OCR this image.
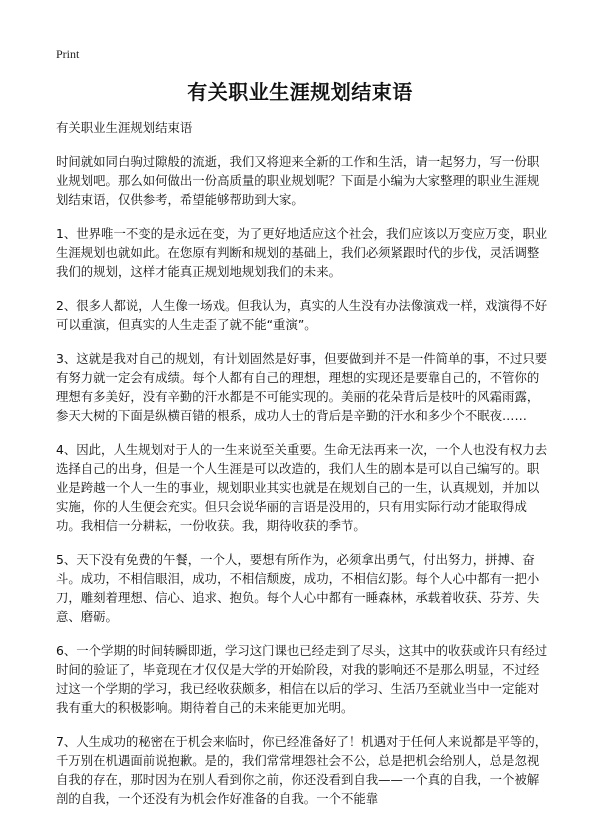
Print
有关职业生涯规划结束语

有关职业生涯规划结束语

时间就如同白驹过隙般的流逝，我们又将迎来全新的工作和生活，请一起努力，写一份职业规划吧。那么如何做出一份高质量的职业规划呢？下面是小编为大家整理的职业生涯规划结束语，仅供参考，希望能够帮助到大家。

1、世界唯一不变的是永远在变，为了更好地适应这个社会，我们应该以万变应万变，职业生涯规划也就如此。在您原有判断和规划的基础上，我们必须紧跟时代的步伐，灵活调整我们的规划，这样才能真正规划地规划我们的未来。

2、很多人都说，人生像一场戏。但我认为，真实的人生没有办法像演戏一样，戏演得不好可以重演，但真实的人生走歪了就不能“重演”。

3、这就是我对自己的规划，有计划固然是好事，但要做到并不是一件简单的事，不过只要有努力就一定会有成绩。每个人都有自己的理想，理想的实现还是要靠自己的，不管你的理想有多美好，没有辛勤的汗水都是不可能实现的。美丽的花朵背后是枝叶的风霜雨露，参天大树的下面是纵横百错的根系，成功人士的背后是辛勤的汗水和多少个不眠夜……

4、因此，人生规划对于人的一生来说至关重要。生命无法再来一次，一个人也没有权力去选择自己的出身，但是一个人生涯是可以改造的，我们人生的剧本是可以自己编写的。职业是跨越一个人一生的事业，规划职业其实也就是在规划自己的一生，认真规划，并加以实施，你的人生便会充实。但只会说华丽的言语是没用的，只有用实际行动才能取得成功。我相信一分耕耘，一份收获。我，期待收获的季节。

5、天下没有免费的午餐，一个人，要想有所作为，必须拿出勇气，付出努力，拼搏、奋斗。成功，不相信眼泪，成功，不相信颓废，成功，不相信幻影。每个人心中都有一把小刀，雕刻着理想、信心、追求、抱负。每个人心中都有一睡森林，承载着收获、芬芳、失意、磨砺。

6、一个学期的时间转瞬即逝，学习这门课也已经走到了尽头，这其中的收获或许只有经过时间的验证了，毕竟现在才仅仅是大学的开始阶段，对我的影响还不是那么明显，不过经过这一个学期的学习，我已经收获颇多，相信在以后的学习、生活乃至就业当中一定能对我有重大的积极影响。期待着自己的未来能更加光明。

7、人生成功的秘密在于机会来临时，你已经准备好了！机遇对于任何人来说都是平等的，千万别在机遇面前说抱歉。是的，我们常常埋怨社会不公，总是把机会给别人，总是忽视自我的存在，那时因为在别人看到你之前，你还没看到自我——一个真的自我，一个被解剖的自我，一个还没有为机会作好准备的自我。一个不能靠
